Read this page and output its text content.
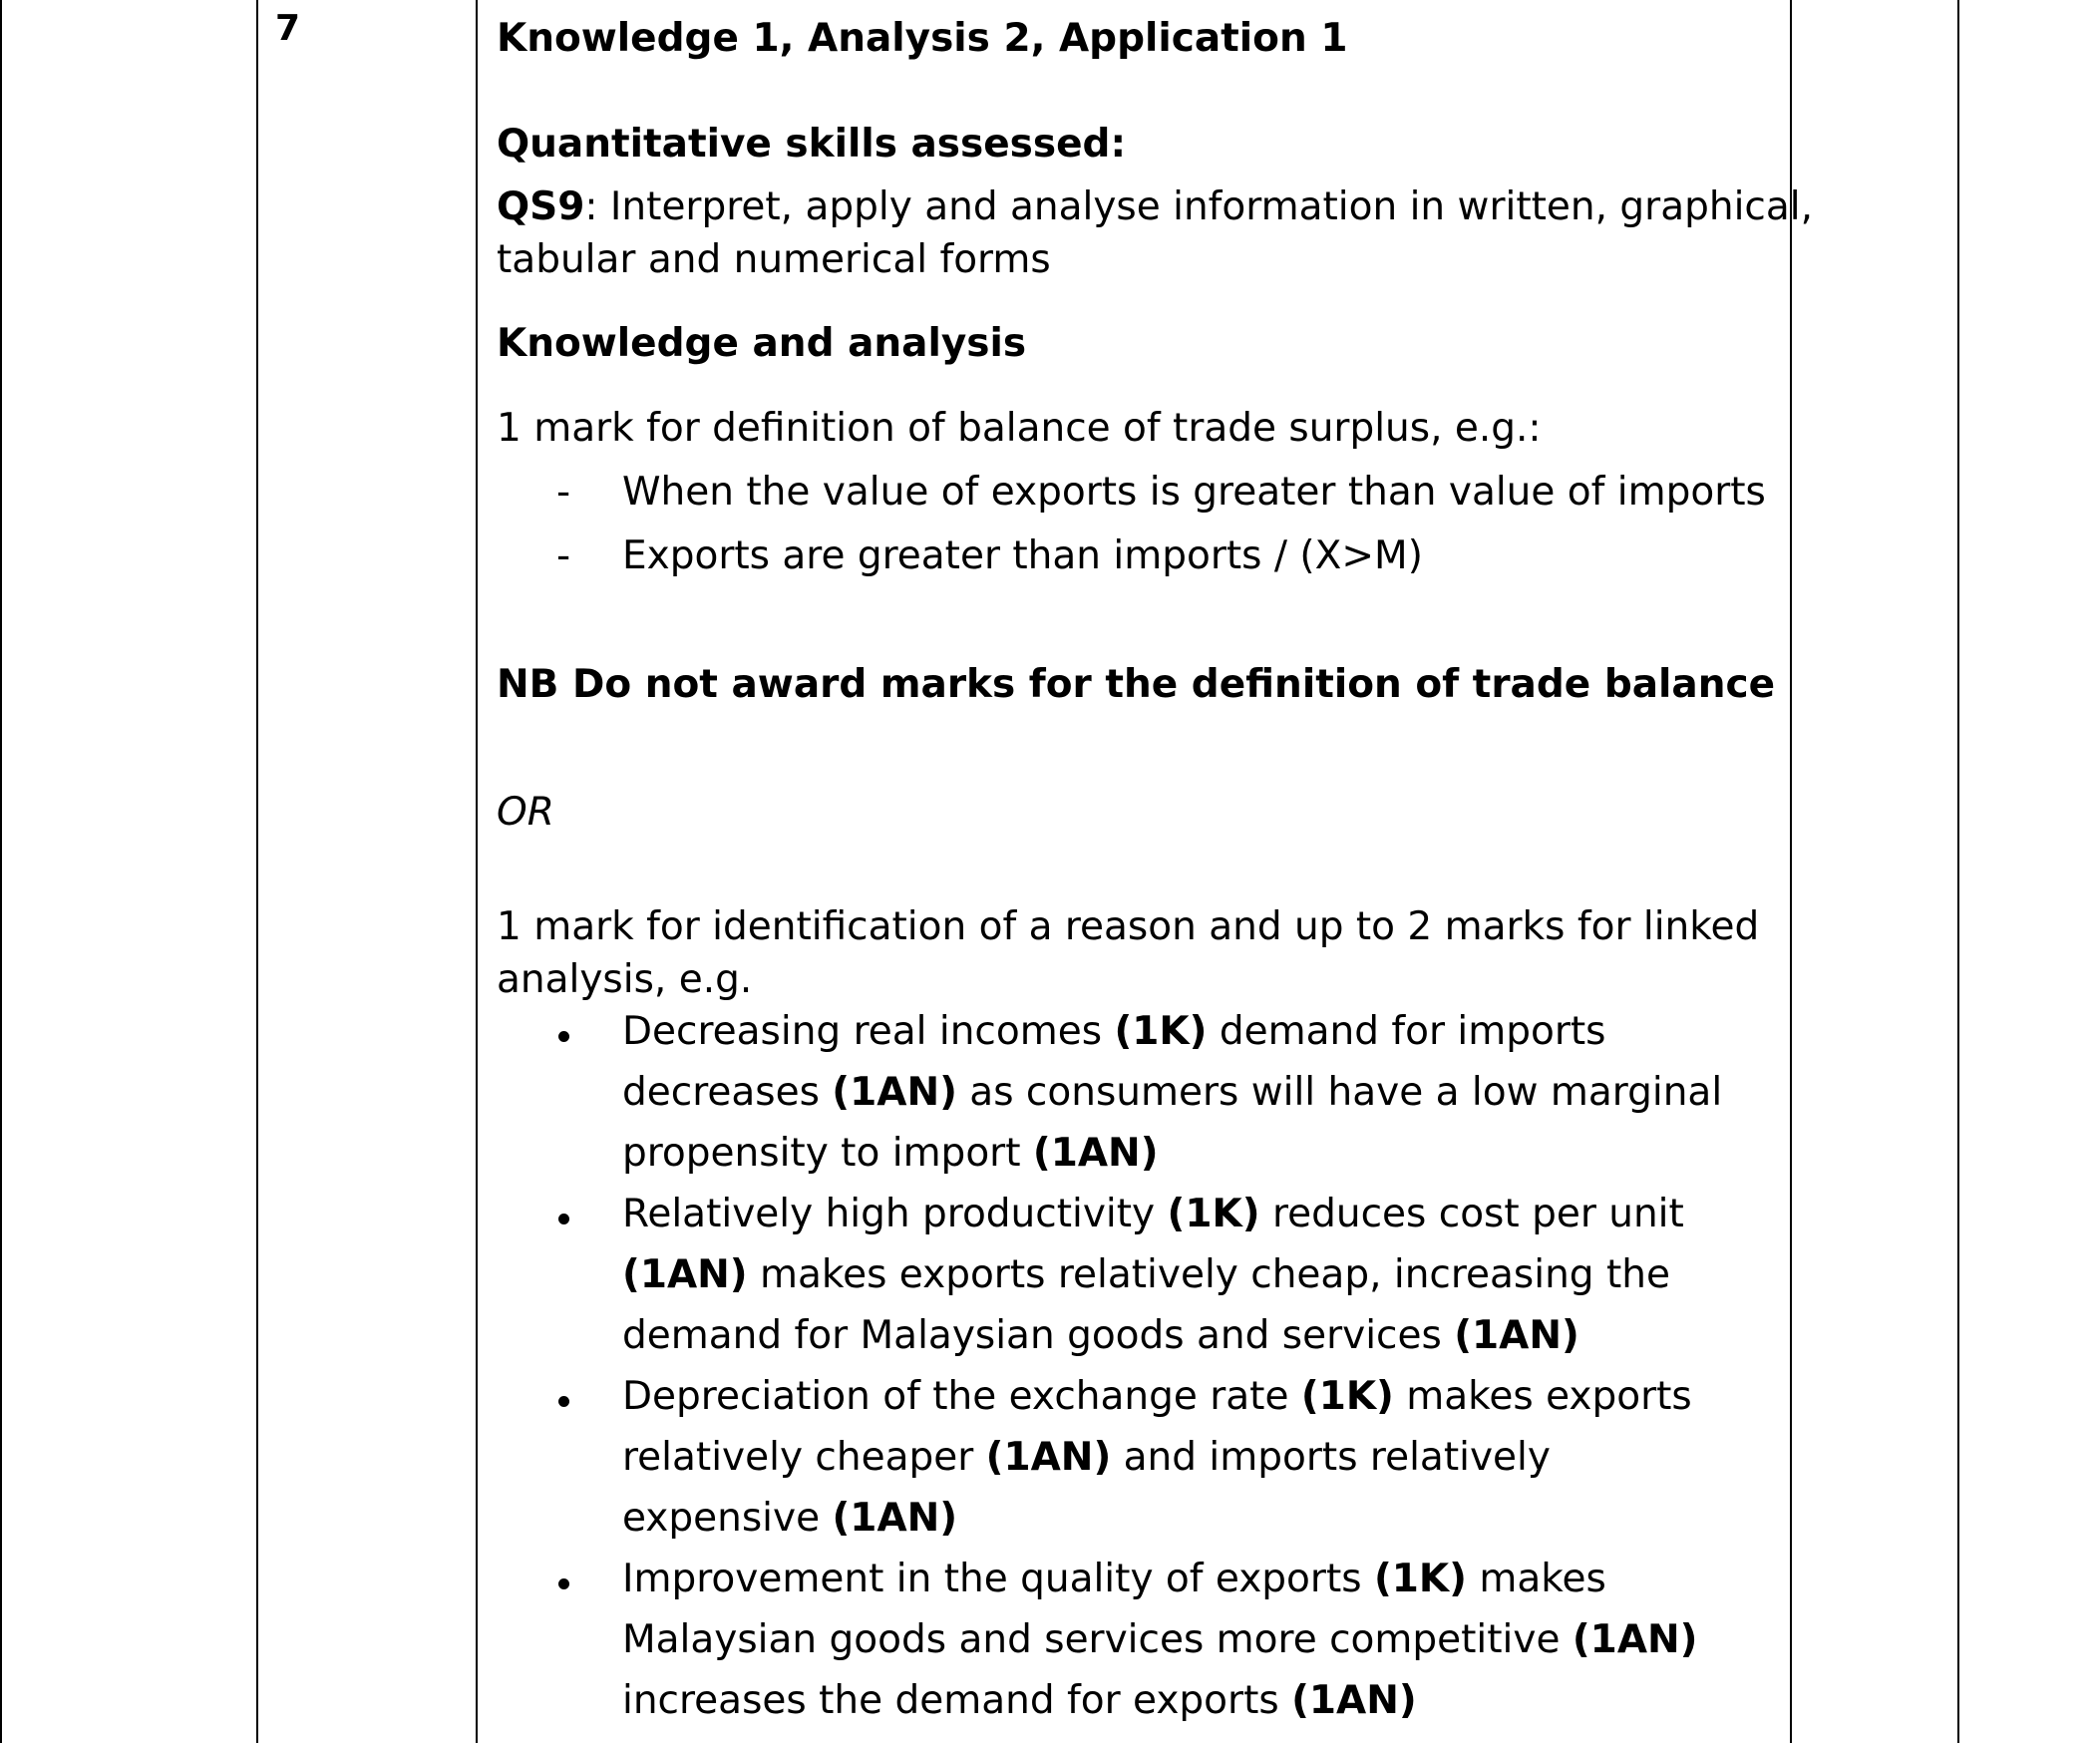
7	Knowledge 1, Analysis 2, Application 1
Quantitative skills assessed:
QS9: Interpret, apply and analyse information in written, graphical,
tabular and numerical forms
Knowledge and analysis
1 mark for definition of balance of trade surplus, e.g.:
-	When the value of exports is greater than value of imports
-	Exports are greater than imports / (X>M)
NB Do not award marks for the definition of trade balance
OR
1 mark for identification of a reason and up to 2 marks for linked
analysis, e.g.
Decreasing real incomes (1K) demand for imports decreases (1AN) as consumers will have a low marginal propensity to import (1AN)
Relatively high productivity (1K) reduces cost per unit (1AN) makes exports relatively cheap, increasing the demand for Malaysian goods and services (1AN)
Depreciation of the exchange rate (1K) makes exports relatively cheaper (1AN) and imports relatively expensive (1AN)
Improvement in the quality of exports (1K) makes Malaysian goods and services more competitive (1AN) increases the demand for exports (1AN)
